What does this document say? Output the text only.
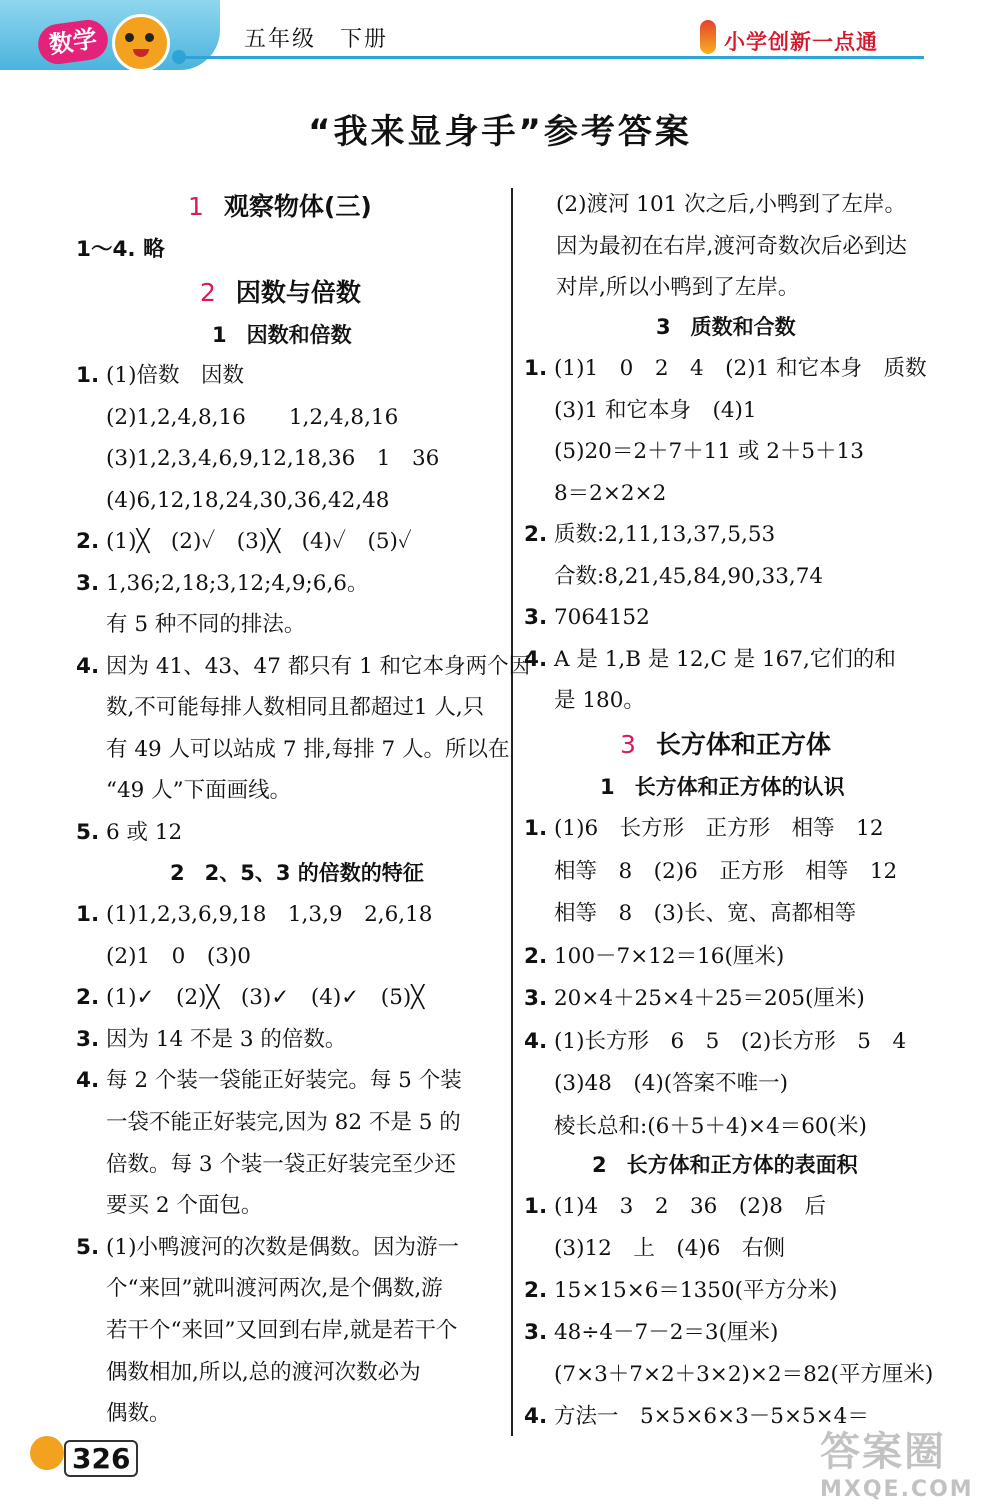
数学	五年级　下册	小学创新一点通
“我来显身手”参考答案
1 观察物体(三)
1～4. 略
2 因数与倍数
1 因数和倍数
1. (1)倍数　因数
(2)1,2,4,8,16　　1,2,4,8,16
(3)1,2,3,4,6,9,12,18,36　1　36
(4)6,12,18,24,30,36,42,48
2. (1)╳　(2)✓　(3)╳　(4)✓　(5)✓
3. 1,36;2,18;3,12;4,9;6,6。
有 5 种不同的排法。
4. 因为 41、43、47 都只有 1 和它本身两个因
数,不可能每排人数相同且都超过1 人,只
有 49 人可以站成 7 排,每排 7 人。所以在
“49 人”下面画线。
5. 6 或 12
2 2、5、3 的倍数的特征
1. (1)1,2,3,6,9,18　1,3,9　2,6,18
(2)1　0　(3)0
2. (1)✓　(2)╳　(3)✓　(4)✓　(5)╳
3. 因为 14 不是 3 的倍数。
4. 每 2 个装一袋能正好装完。每 5 个装
一袋不能正好装完,因为 82 不是 5 的
倍数。每 3 个装一袋正好装完至少还
要买 2 个面包。
5. (1)小鸭渡河的次数是偶数。因为游一
个“来回”就叫渡河两次,是个偶数,游
若干个“来回”又回到右岸,就是若干个
偶数相加,所以,总的渡河次数必为
偶数。
(2)渡河 101 次之后,小鸭到了左岸。
因为最初在右岸,渡河奇数次后必到达
对岸,所以小鸭到了左岸。
3 质数和合数
1. (1)1　0　2　4　(2)1 和它本身　质数
(3)1 和它本身　(4)1
(5)20＝2＋7＋11 或 2＋5＋13
8＝2×2×2
2. 质数:2,11,13,37,5,53
合数:8,21,45,84,90,33,74
3. 7064152
4. A 是 1,B 是 12,C 是 167,它们的和
是 180。
3 长方体和正方体
1 长方体和正方体的认识
1. (1)6　长方形　正方形　相等　12
相等　8　(2)6　正方形　相等　12
相等　8　(3)长、宽、高都相等
2. 100－7×12＝16(厘米)
3. 20×4＋25×4＋25＝205(厘米)
4. (1)长方形　6　5　(2)长方形　5　4
(3)48　(4)(答案不唯一)
棱长总和:(6＋5＋4)×4＝60(米)
2 长方体和正方体的表面积
1. (1)4　3　2　36　(2)8　后
(3)12　上　(4)6　右侧
2. 15×15×6＝1350(平方分米)
3. 48÷4－7－2＝3(厘米)
(7×3＋7×2＋3×2)×2＝82(平方厘米)
4. 方法一　5×5×6×3－5×5×4＝
326	答案圈
MXQE.COM
